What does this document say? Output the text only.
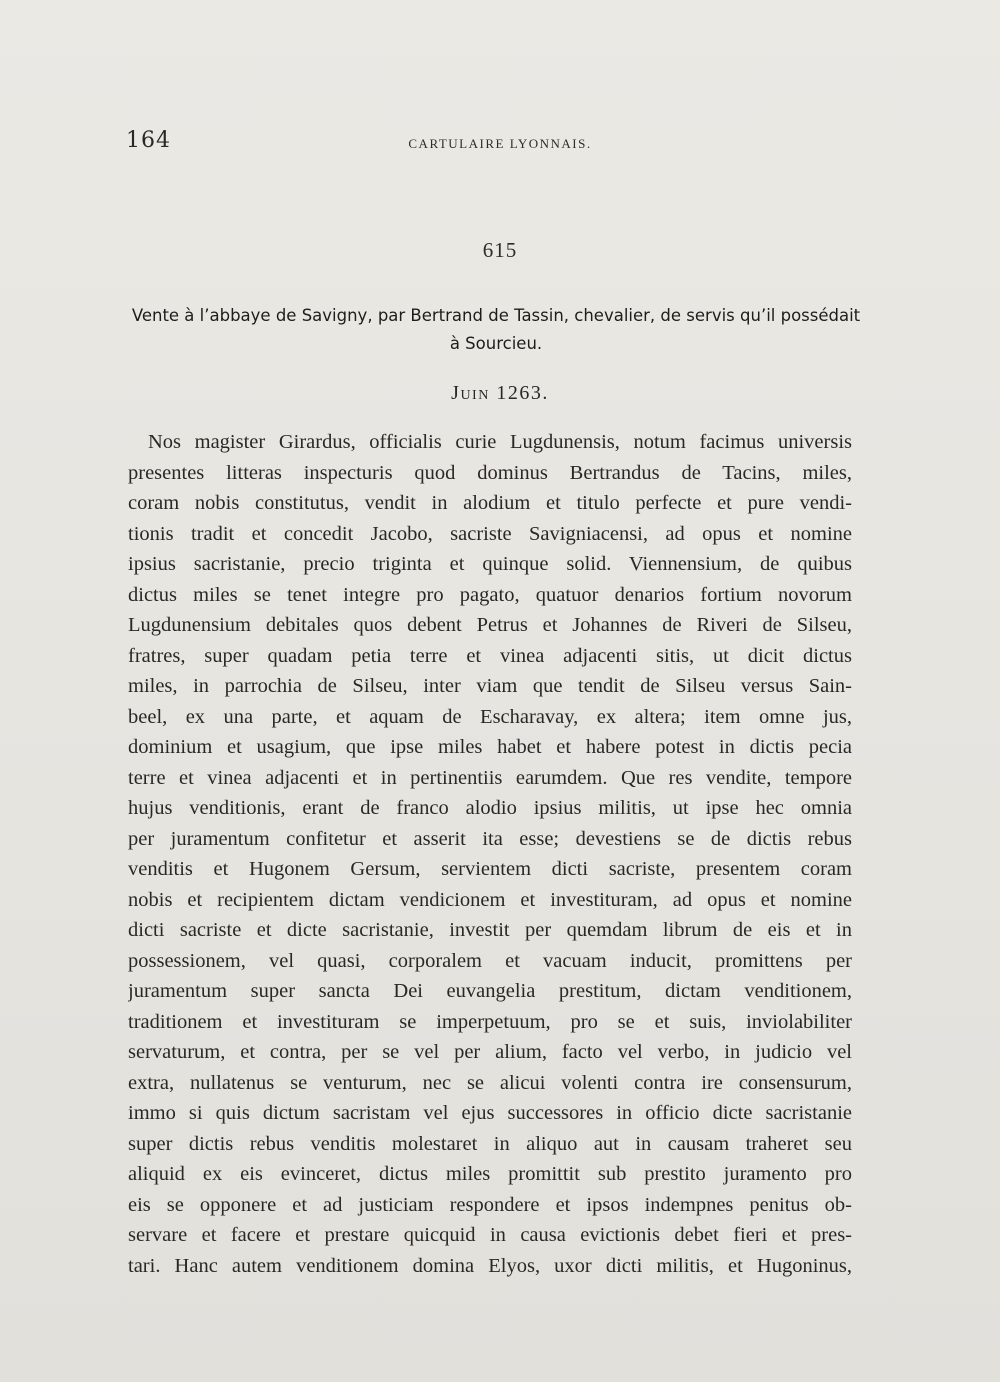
164	CARTULAIRE LYONNAIS.
615
Vente à l’abbaye de Savigny, par Bertrand de Tassin, chevalier, de servis qu’il possédait à Sourcieu.
Juin 1263.
Nos magister Girardus, officialis curie Lugdunensis, notum facimus universis
presentes litteras inspecturis quod dominus Bertrandus de Tacins, miles,
coram nobis constitutus, vendit in alodium et titulo perfecte et pure vendi-
tionis tradit et concedit Jacobo, sacriste Savigniacensi, ad opus et nomine
ipsius sacristanie, precio triginta et quinque solid. Viennensium, de quibus
dictus miles se tenet integre pro pagato, quatuor denarios fortium novorum
Lugdunensium debitales quos debent Petrus et Johannes de Riveri de Silseu,
fratres, super quadam petia terre et vinea adjacenti sitis, ut dicit dictus
miles, in parrochia de Silseu, inter viam que tendit de Silseu versus Sain-
beel, ex una parte, et aquam de Escharavay, ex altera; item omne jus,
dominium et usagium, que ipse miles habet et habere potest in dictis pecia
terre et vinea adjacenti et in pertinentiis earumdem. Que res vendite, tempore
hujus venditionis, erant de franco alodio ipsius militis, ut ipse hec omnia
per juramentum confitetur et asserit ita esse; devestiens se de dictis rebus
venditis et Hugonem Gersum, servientem dicti sacriste, presentem coram
nobis et recipientem dictam vendicionem et investituram, ad opus et nomine
dicti sacriste et dicte sacristanie, investit per quemdam librum de eis et in
possessionem, vel quasi, corporalem et vacuam inducit, promittens per
juramentum super sancta Dei euvangelia prestitum, dictam venditionem,
traditionem et investituram se imperpetuum, pro se et suis, inviolabiliter
servaturum, et contra, per se vel per alium, facto vel verbo, in judicio vel
extra, nullatenus se venturum, nec se alicui volenti contra ire consensurum,
immo si quis dictum sacristam vel ejus successores in officio dicte sacristanie
super dictis rebus venditis molestaret in aliquo aut in causam traheret seu
aliquid ex eis evinceret, dictus miles promittit sub prestito juramento pro
eis se opponere et ad justiciam respondere et ipsos indempnes penitus ob-
servare et facere et prestare quicquid in causa evictionis debet fieri et pres-
tari. Hanc autem venditionem domina Elyos, uxor dicti militis, et Hugoninus,
